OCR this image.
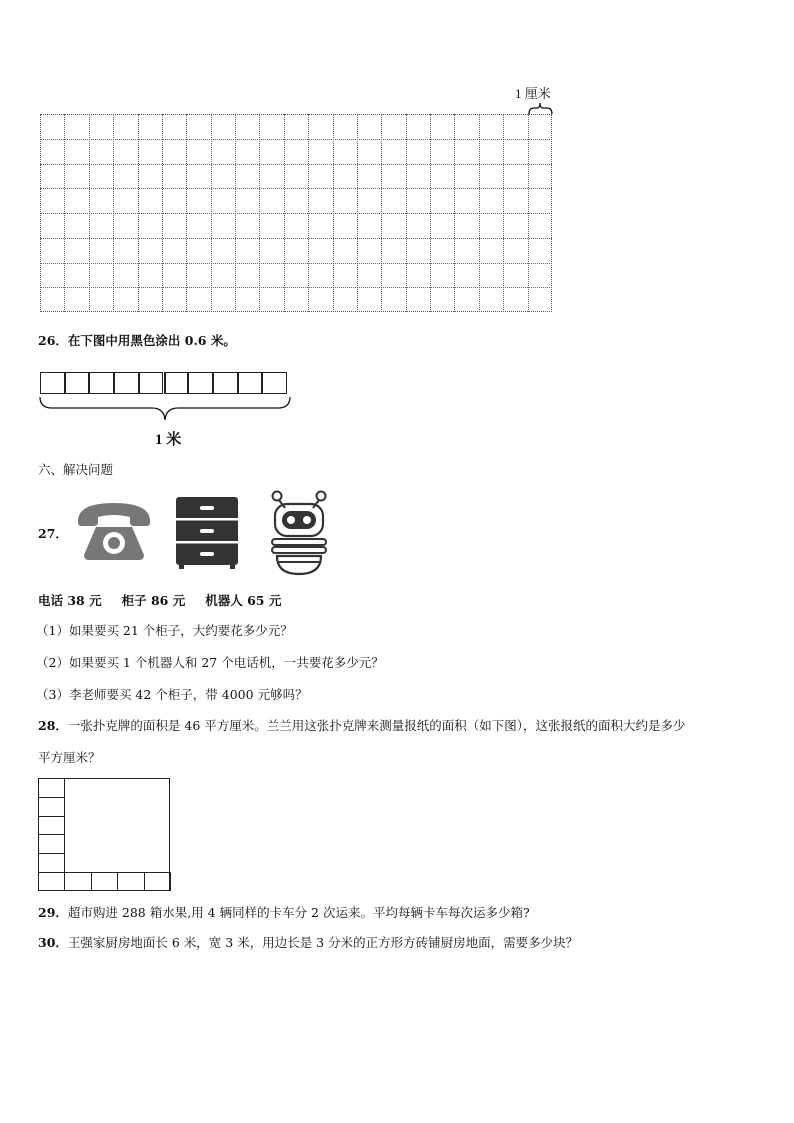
1 厘米
26．在下图中用黑色涂出 0.6 米。
1 米
六、解决问题
27．
电话 38 元 柜子 86 元 机器人 65 元
（1）如果要买 21 个柜子，大约要花多少元？
（2）如果要买 1 个机器人和 27 个电话机，一共要花多少元？
（3）李老师要买 42 个柜子，带 4000 元够吗？
28．一张扑克牌的面积是 46 平方厘米。兰兰用这张扑克牌来测量报纸的面积（如下图），这张报纸的面积大约是多少
平方厘米？
29．超市购进 288 箱水果,用 4 辆同样的卡车分 2 次运来。平均每辆卡车每次运多少箱?
30．王强家厨房地面长 6 米，宽 3 米，用边长是 3 分米的正方形方砖铺厨房地面，需要多少块？
